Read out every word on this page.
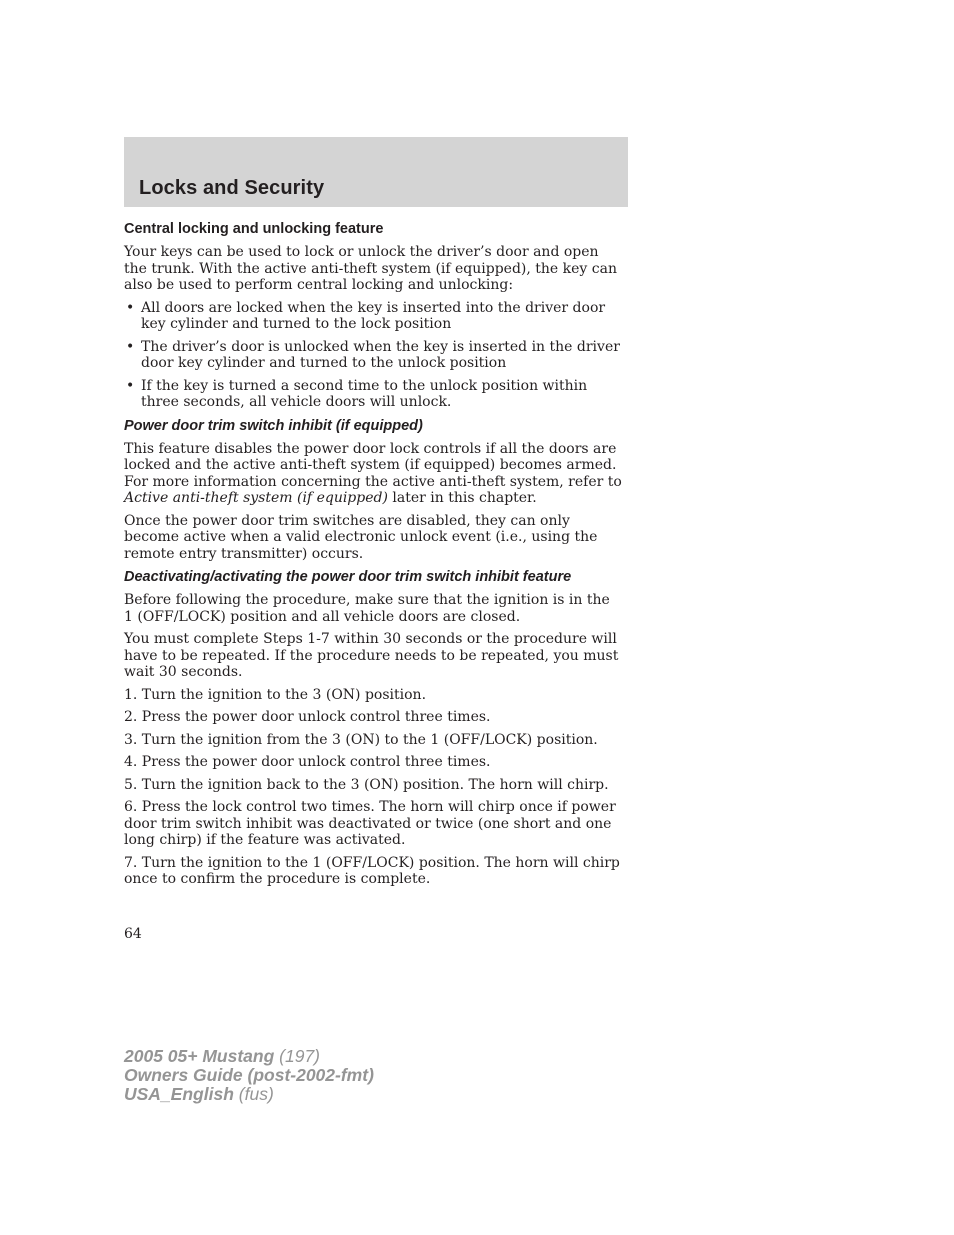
Locks and Security
Central locking and unlocking feature

Your keys can be used to lock or unlock the driver’s door and open the trunk. With the active anti-theft system (if equipped), the key can also be used to perform central locking and unlocking:

• All doors are locked when the key is inserted into the driver door key cylinder and turned to the lock position
• The driver’s door is unlocked when the key is inserted in the driver door key cylinder and turned to the unlock position
• If the key is turned a second time to the unlock position within three seconds, all vehicle doors will unlock.
Power door trim switch inhibit (if equipped)

This feature disables the power door lock controls if all the doors are locked and the active anti-theft system (if equipped) becomes armed. For more information concerning the active anti-theft system, refer to Active anti-theft system (if equipped) later in this chapter.

Once the power door trim switches are disabled, they can only become active when a valid electronic unlock event (i.e., using the remote entry transmitter) occurs.

Deactivating/activating the power door trim switch inhibit feature

Before following the procedure, make sure that the ignition is in the 1 (OFF/LOCK) position and all vehicle doors are closed.

You must complete Steps 1-7 within 30 seconds or the procedure will have to be repeated. If the procedure needs to be repeated, you must wait 30 seconds.

1. Turn the ignition to the 3 (ON) position.

2. Press the power door unlock control three times.

3. Turn the ignition from the 3 (ON) to the 1 (OFF/LOCK) position.

4. Press the power door unlock control three times.

5. Turn the ignition back to the 3 (ON) position. The horn will chirp.

6. Press the lock control two times. The horn will chirp once if power door trim switch inhibit was deactivated or twice (one short and one long chirp) if the feature was activated.

7. Turn the ignition to the 1 (OFF/LOCK) position. The horn will chirp once to confirm the procedure is complete.

64
2005 05+ Mustang (197)
Owners Guide (post-2002-fmt)
USA_English (fus)
